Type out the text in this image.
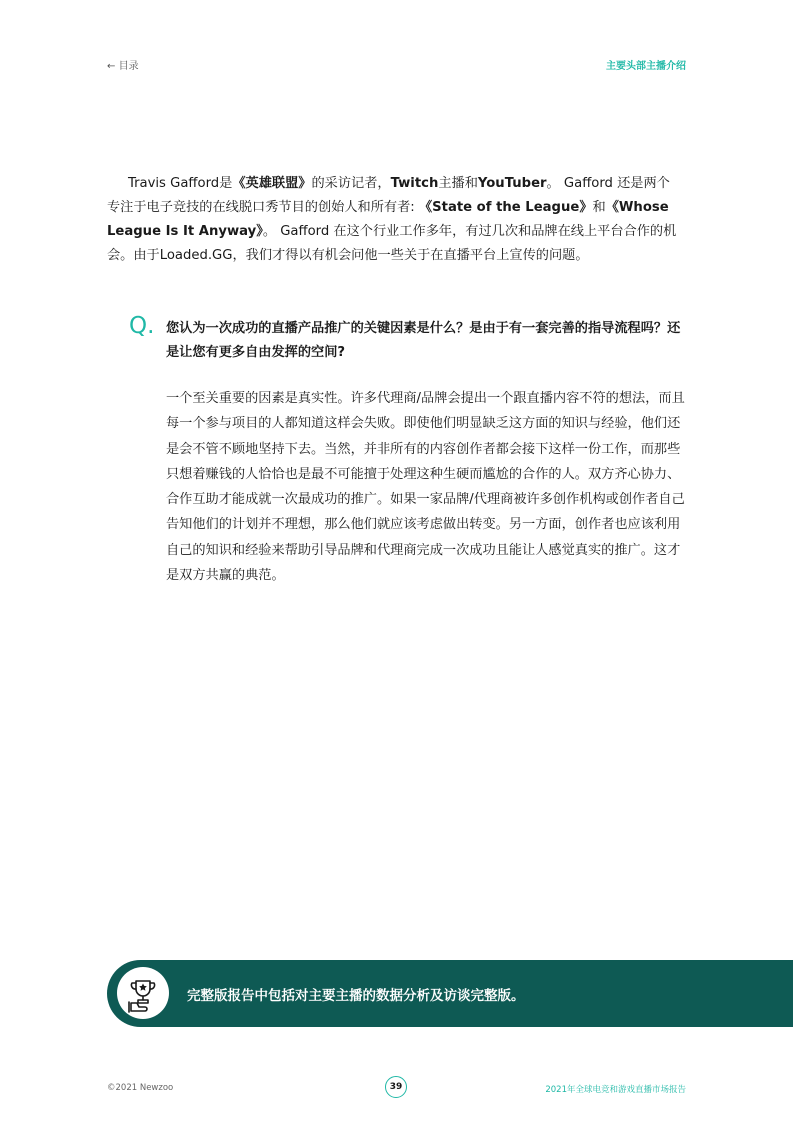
← 目录	主要头部主播介绍

Travis Gafford是《英雄联盟》的采访记者，Twitch主播和YouTuber。 Gafford 还是两个专注于电子竞技的在线脱口秀节目的创始人和所有者: 《State of the League》和《Whose League Is It Anyway》。 Gafford 在这个行业工作多年，有过几次和品牌在线上平台合作的机会。由于Loaded.GG，我们才得以有机会问他一些关于在直播平台上宣传的问题。

Q. 您认为一次成功的直播产品推广的关键因素是什么？是由于有一套完善的指导流程吗？还是让您有更多自由发挥的空间?

一个至关重要的因素是真实性。许多代理商/品牌会提出一个跟直播内容不符的想法，而且每一个参与项目的人都知道这样会失败。即使他们明显缺乏这方面的知识与经验，他们还是会不管不顾地坚持下去。当然，并非所有的内容创作者都会接下这样一份工作，而那些只想着赚钱的人恰恰也是最不可能擅于处理这种生硬而尴尬的合作的人。双方齐心协力、合作互助才能成就一次最成功的推广。如果一家品牌/代理商被许多创作机构或创作者自己告知他们的计划并不理想，那么他们就应该考虑做出转变。另一方面，创作者也应该利用自己的知识和经验来帮助引导品牌和代理商完成一次成功且能让人感觉真实的推广。这才是双方共赢的典范。

完整版报告中包括对主要主播的数据分析及访谈完整版。
©2021 Newzoo	39	2021年全球电竞和游戏直播市场报告
